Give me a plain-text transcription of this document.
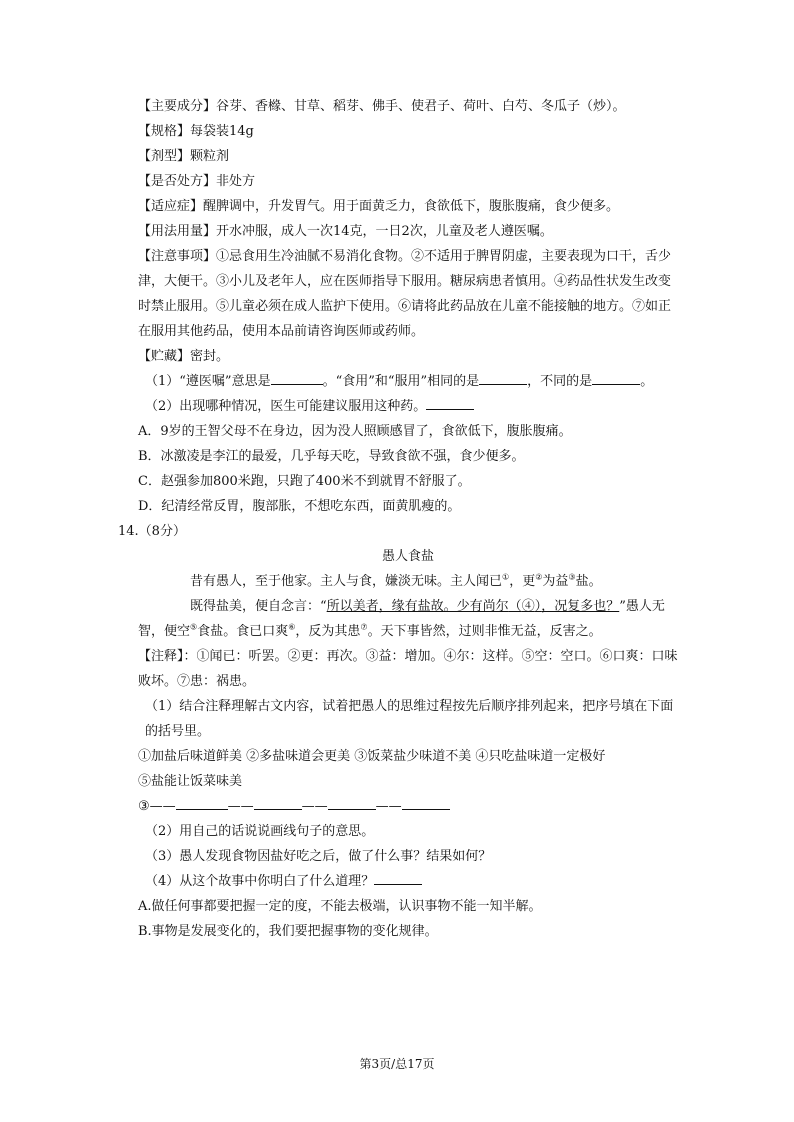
【主要成分】谷芽、香橼、甘草、稻芽、佛手、使君子、荷叶、白芍、冬瓜子（炒）。

【规格】每袋装14g

【剂型】颗粒剂

【是否处方】非处方

【适应症】醒脾调中，升发胃气。用于面黄乏力，食欲低下，腹胀腹痛，食少便多。

【用法用量】开水冲服，成人一次14克，一日2次，儿童及老人遵医嘱。

【注意事项】①忌食用生冷油腻不易消化食物。②不适用于脾胃阴虚，主要表现为口干，舌少津，大便干。③小儿及老年人，应在医师指导下服用。糖尿病患者慎用。④药品性状发生改变时禁止服用。⑤儿童必须在成人监护下使用。⑥请将此药品放在儿童不能接触的地方。⑦如正在服用其他药品，使用本品前请咨询医师或药师。

【贮藏】密封。

（1）“遵医嘱”意思是	。“食用”和“服用”相同的是	，不同的是	。

（2）出现哪种情况，医生可能建议服用这种药。

A．9岁的王智父母不在身边，因为没人照顾感冒了，食欲低下，腹胀腹痛。

B．冰激凌是李江的最爱，几乎每天吃，导致食欲不强，食少便多。

C．赵强参加800米跑，只跑了400米不到就胃不舒服了。

D．纪清经常反胃，腹部胀，不想吃东西，面黄肌瘦的。

14.（8分）

愚人食盐

昔有愚人，至于他家。主人与食，嫌淡无味。主人闻已①，更②为益③盐。

既得盐美，便自念言：“所以美者，缘有盐故。少有尚尔（④），况复多也？”愚人无智，便空⑤食盐。食已口爽⑥，反为其患⑦。天下事皆然，过则非惟无益，反害之。

【注释】：①闻已：听罢。②更：再次。③益：增加。④尔：这样。⑤空：空口。⑥口爽：口味败坏。⑦患：祸患。

（1）结合注释理解古文内容，试着把愚人的思维过程按先后顺序排列起来，把序号填在下面的括号里。

①加盐后味道鲜美 ②多盐味道会更美 ③饭菜盐少味道不美 ④只吃盐味道一定极好

⑤盐能让饭菜味美

③——	——	——	——

（2）用自己的话说说画线句子的意思。

（3）愚人发现食物因盐好吃之后，做了什么事？结果如何？

（4）从这个故事中你明白了什么道理？

A.做任何事都要把握一定的度，不能去极端，认识事物不能一知半解。

B.事物是发展变化的，我们要把握事物的变化规律。

第3页/总17页
